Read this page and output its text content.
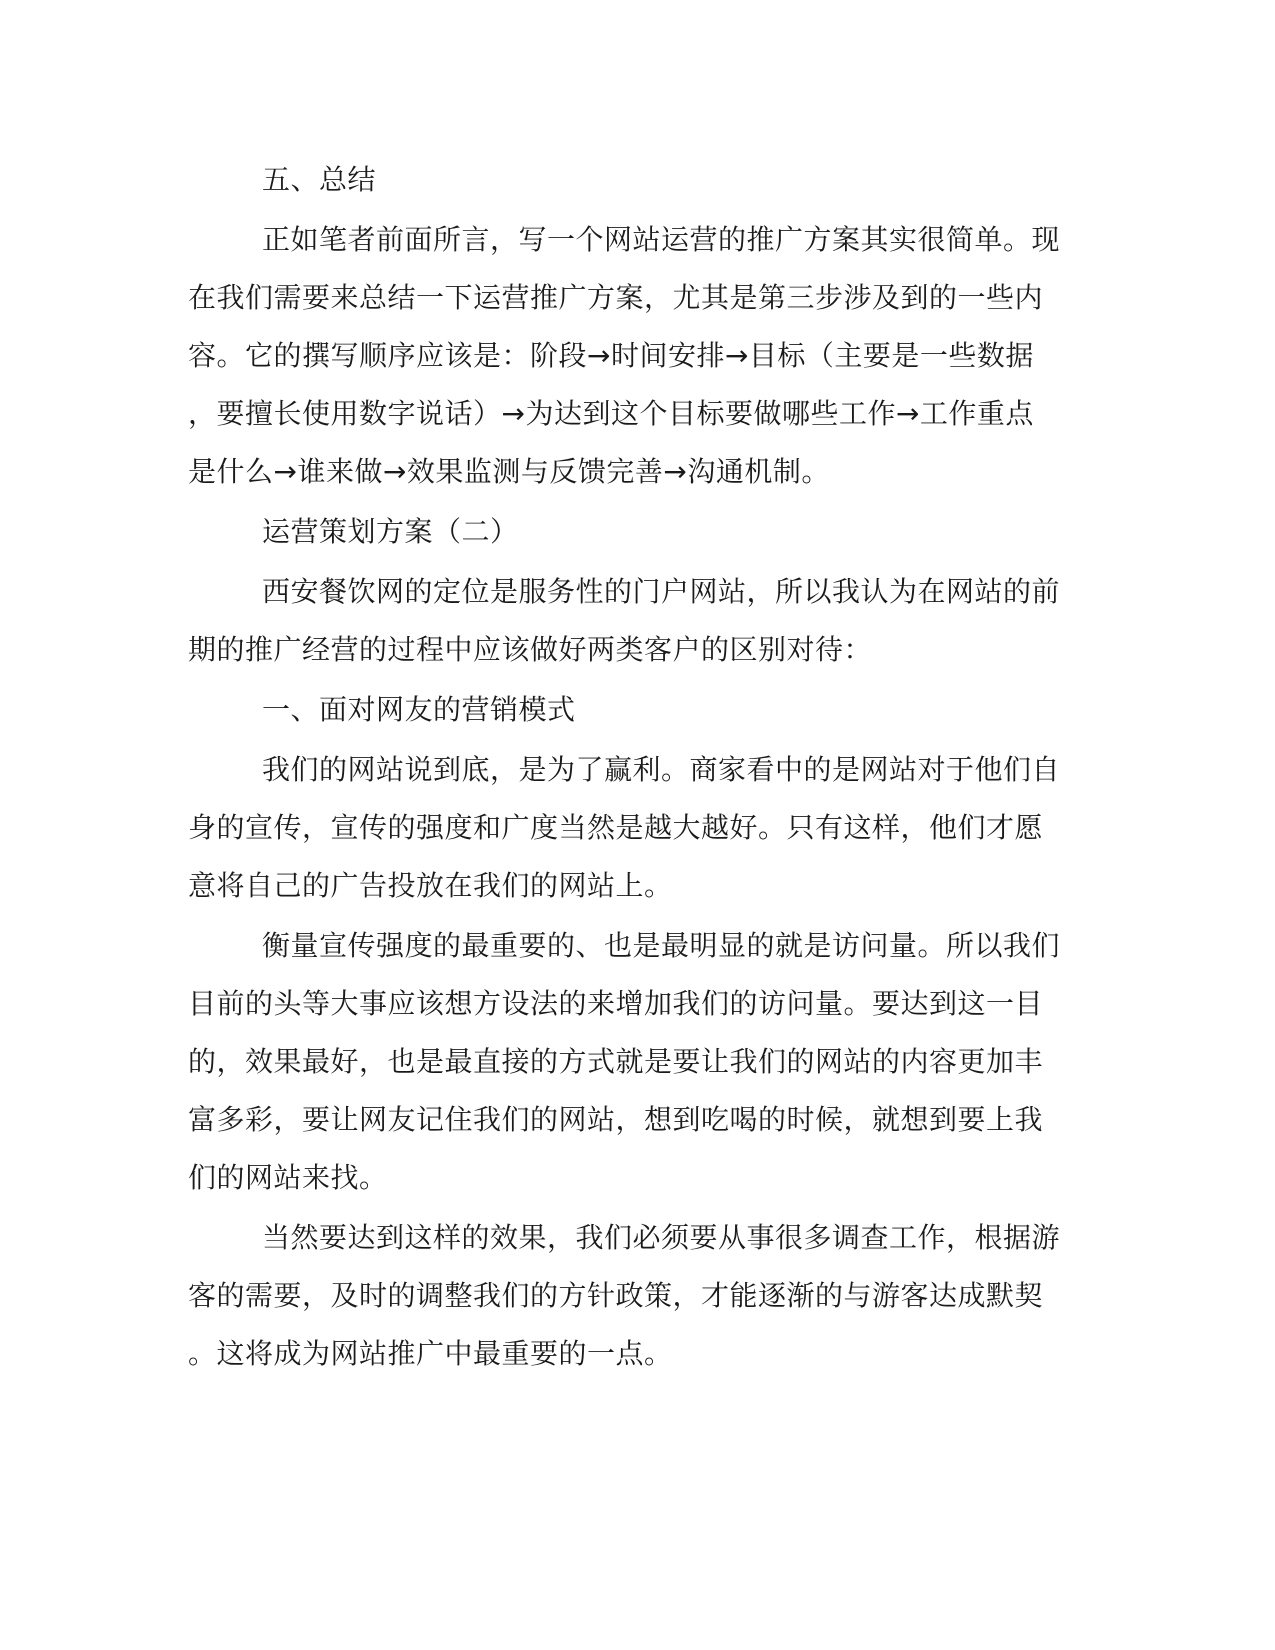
五、总结
正如笔者前面所言，写一个网站运营的推广方案其实很简单。现
在我们需要来总结一下运营推广方案，尤其是第三步涉及到的一些内
容。它的撰写顺序应该是：阶段→时间安排→目标（主要是一些数据
，要擅长使用数字说话）→为达到这个目标要做哪些工作→工作重点
是什么→谁来做→效果监测与反馈完善→沟通机制。
运营策划方案（二）
西安餐饮网的定位是服务性的门户网站，所以我认为在网站的前
期的推广经营的过程中应该做好两类客户的区别对待：
一、面对网友的营销模式
我们的网站说到底，是为了赢利。商家看中的是网站对于他们自
身的宣传，宣传的强度和广度当然是越大越好。只有这样，他们才愿
意将自己的广告投放在我们的网站上。
衡量宣传强度的最重要的、也是最明显的就是访问量。所以我们
目前的头等大事应该想方设法的来增加我们的访问量。要达到这一目
的，效果最好，也是最直接的方式就是要让我们的网站的内容更加丰
富多彩，要让网友记住我们的网站，想到吃喝的时候，就想到要上我
们的网站来找。
当然要达到这样的效果，我们必须要从事很多调查工作，根据游
客的需要，及时的调整我们的方针政策，才能逐渐的与游客达成默契
。这将成为网站推广中最重要的一点。
